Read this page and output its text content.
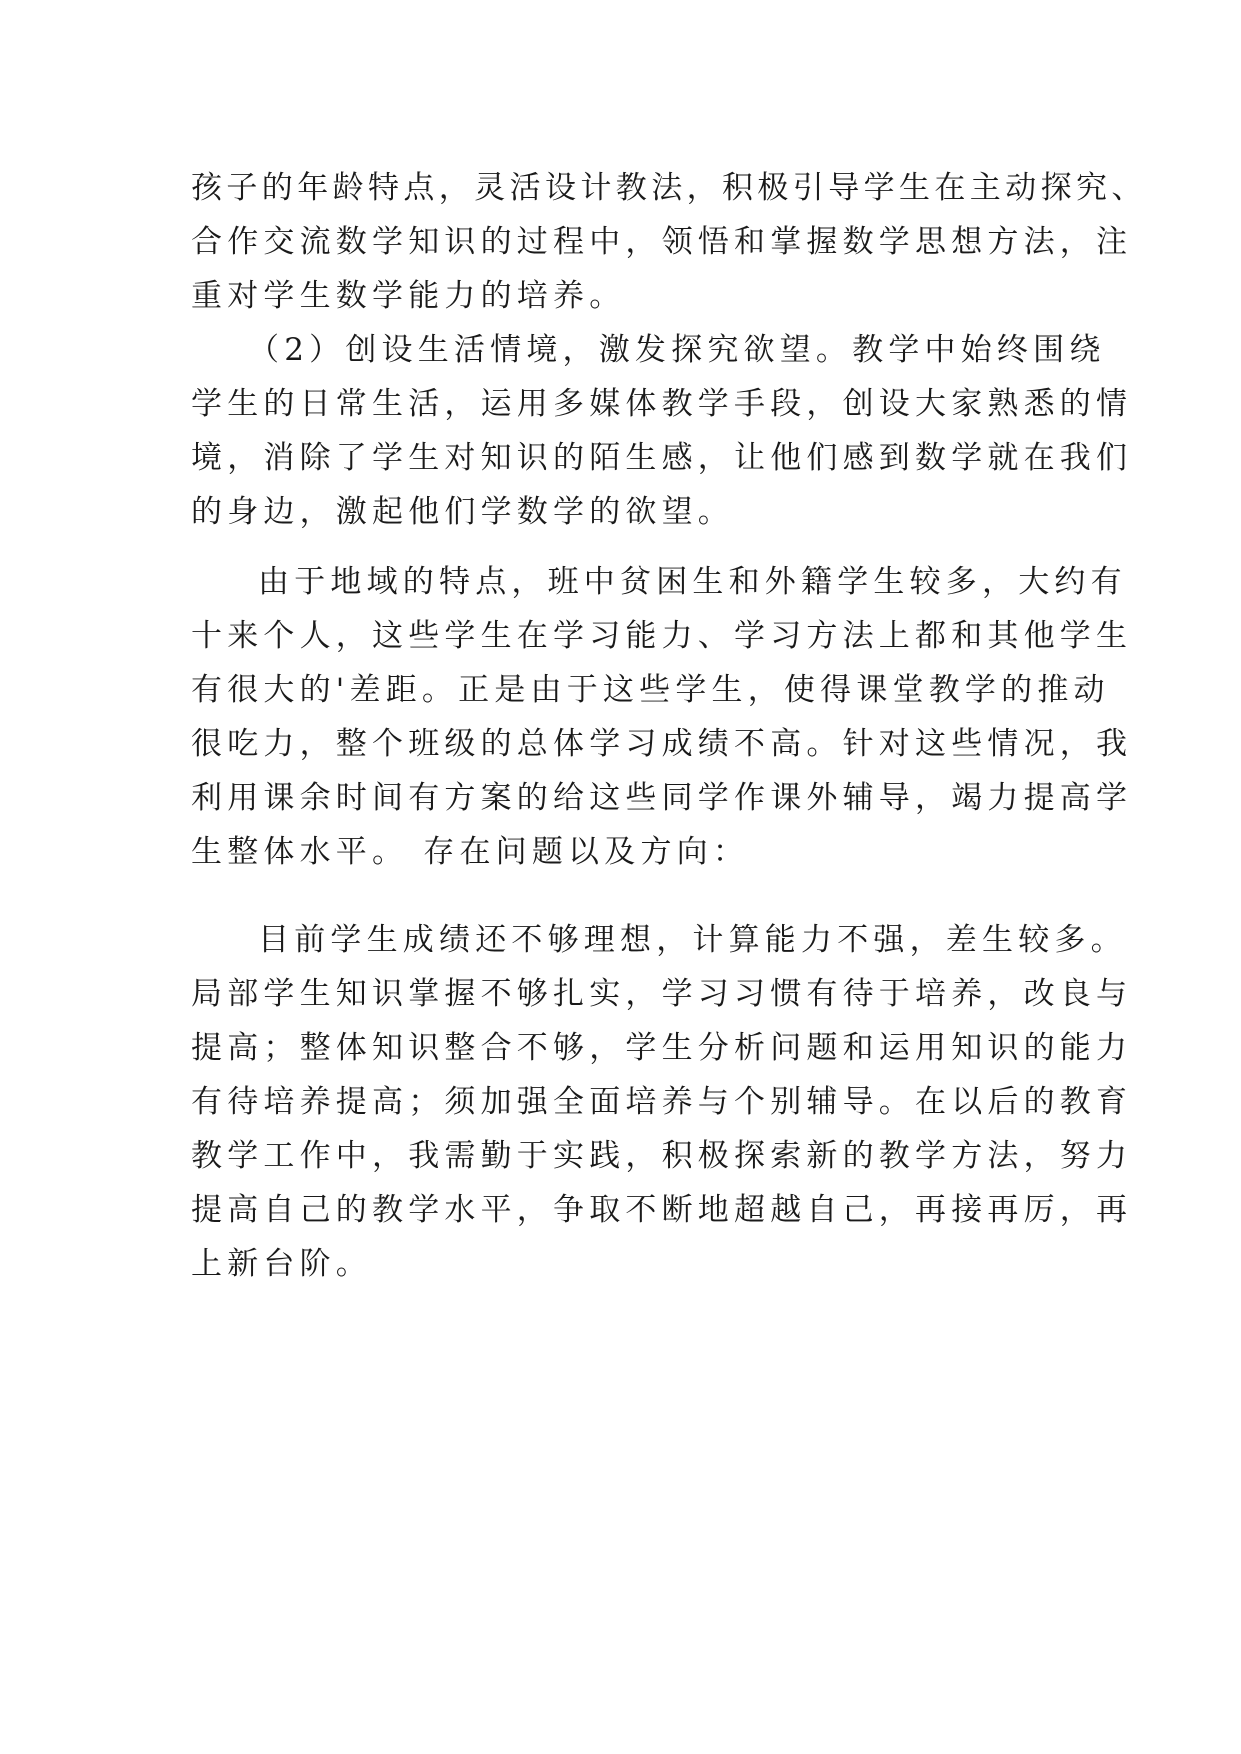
孩子的年龄特点，灵活设计教法，积极引导学生在主动探究、
合作交流数学知识的过程中，领悟和掌握数学思想方法，注
重对学生数学能力的培养。
（2）创设生活情境，激发探究欲望。教学中始终围绕
学生的日常生活，运用多媒体教学手段，创设大家熟悉的情
境，消除了学生对知识的陌生感，让他们感到数学就在我们
的身边，激起他们学数学的欲望。
由于地域的特点，班中贫困生和外籍学生较多，大约有
十来个人，这些学生在学习能力、学习方法上都和其他学生
有很大的'差距。正是由于这些学生，使得课堂教学的推动
很吃力，整个班级的总体学习成绩不高。针对这些情况，我
利用课余时间有方案的给这些同学作课外辅导，竭力提高学
生整体水平。 存在问题以及方向：
目前学生成绩还不够理想，计算能力不强，差生较多。
局部学生知识掌握不够扎实，学习习惯有待于培养，改良与
提高；整体知识整合不够，学生分析问题和运用知识的能力
有待培养提高；须加强全面培养与个别辅导。在以后的教育
教学工作中，我需勤于实践，积极探索新的教学方法，努力
提高自己的教学水平，争取不断地超越自己，再接再厉，再
上新台阶。
